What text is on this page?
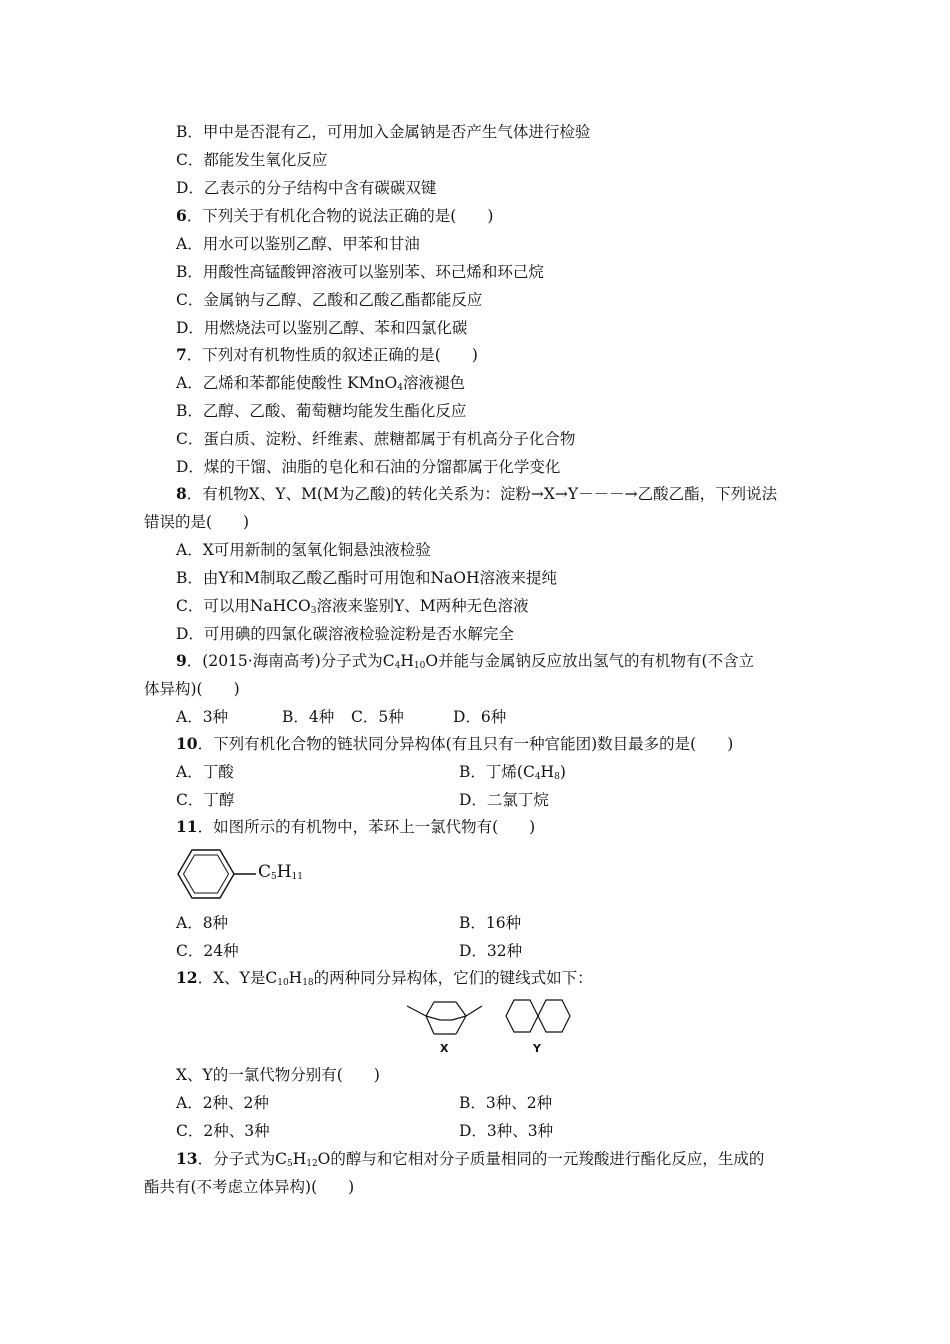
B．甲中是否混有乙，可用加入金属钠是否产生气体进行检验
C．都能发生氧化反应
D．乙表示的分子结构中含有碳碳双键
6．下列关于有机化合物的说法正确的是(　　)
A．用水可以鉴别乙醇、甲苯和甘油
B．用酸性高锰酸钾溶液可以鉴别苯、环己烯和环己烷
C．金属钠与乙醇、乙酸和乙酸乙酯都能反应
D．用燃烧法可以鉴别乙醇、苯和四氯化碳
7．下列对有机物性质的叙述正确的是(　　)
A．乙烯和苯都能使酸性 KMnO$_4$溶液褪色
B．乙醇、乙酸、葡萄糖均能发生酯化反应
C．蛋白质、淀粉、纤维素、蔗糖都属于有机高分子化合物
D．煤的干馏、油脂的皂化和石油的分馏都属于化学变化
8．有机物X、Y、M(M为乙酸)的转化关系为：淀粉→X→Y－－－→乙酸乙酯，下列说法
错误的是(　　)
A．X可用新制的氢氧化铜悬浊液检验
B．由Y和M制取乙酸乙酯时可用饱和NaOH溶液来提纯
C．可以用NaHCO$_3$溶液来鉴别Y、M两种无色溶液
D．可用碘的四氯化碳溶液检验淀粉是否水解完全
9．(2015·海南高考)分子式为$C_4H_{10}O$并能与金属钠反应放出氢气的有机物有(不含立
体异构)(　　)
A．3种	B．4种 C．5种	D．6种
10．下列有机化合物的链状同分异构体(有且只有一种官能团)数目最多的是(　　)
A．丁酸	B．丁烯$(C_4H_8)$
C．丁醇	D．二氯丁烷
11．如图所示的有机物中，苯环上一氯代物有(　　)
$C_5H_{11}$
A．8种	B．16种
C．24种	D．32种
12．X、Y是$C_{10}H_{18}$的两种同分异构体，它们的键线式如下：
X	Y
X、Y的一氯代物分别有(　　)
A．2种、2种	B．3种、2种
C．2种、3种	D．3种、3种
13．分子式为$C_5H_{12}O$的醇与和它相对分子质量相同的一元羧酸进行酯化反应，生成的
酯共有(不考虑立体异构)(　　)
